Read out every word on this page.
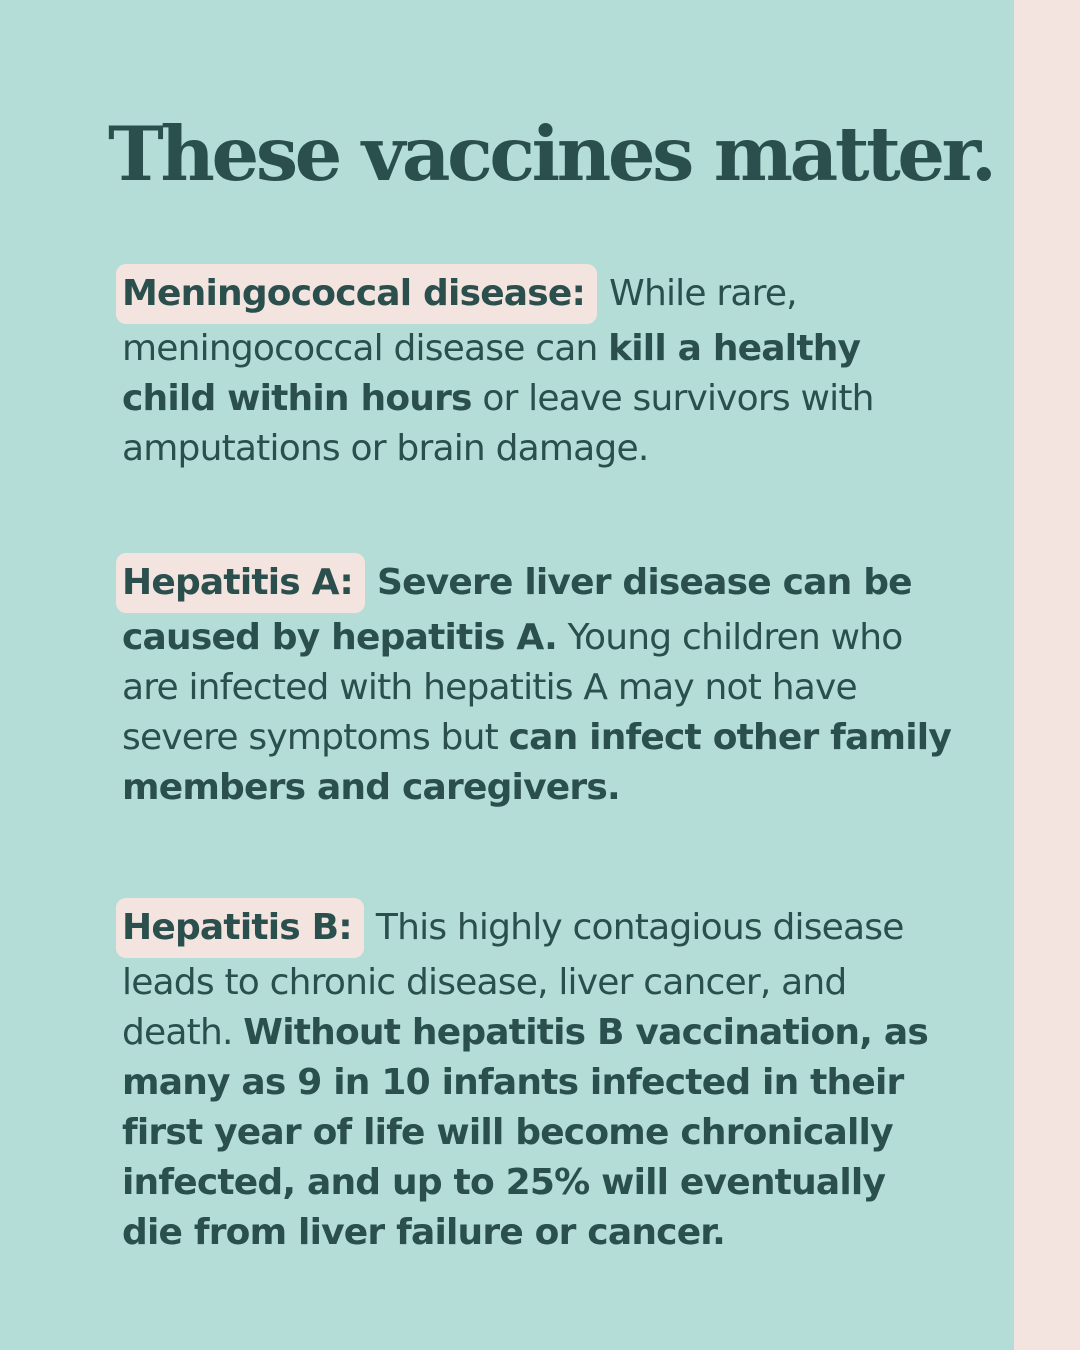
These vaccines matter.
Meningococcal disease: While rare, meningococcal disease can kill a healthy child within hours or leave survivors with amputations or brain damage.
Hepatitis A: Severe liver disease can be caused by hepatitis A. Young children who are infected with hepatitis A may not have severe symptoms but can infect other family members and caregivers.
Hepatitis B: This highly contagious disease leads to chronic disease, liver cancer, and death. Without hepatitis B vaccination, as many as 9 in 10 infants infected in their first year of life will become chronically infected, and up to 25% will eventually die from liver failure or cancer.
